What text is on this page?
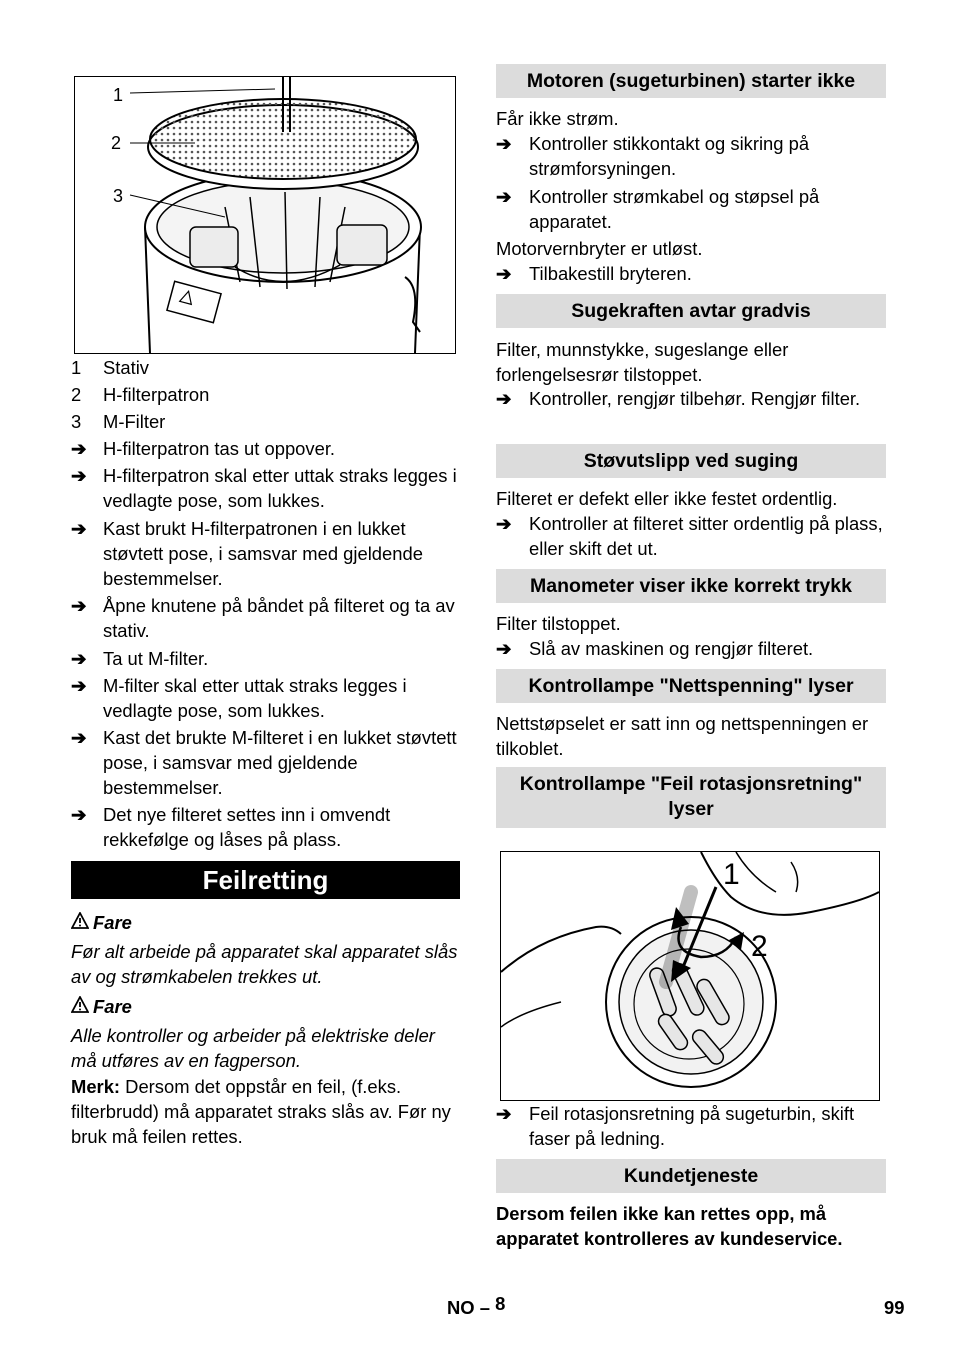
1
2
3
1 Stativ
2 H-filterpatron
3 M-Filter
➔ H-filterpatron tas ut oppover.
➔ H-filterpatron skal etter uttak straks legges i vedlagte pose, som lukkes.
➔ Kast brukt H-filterpatronen i en lukket støvtett pose, i samsvar med gjeldende bestemmelser.
➔ Åpne knutene på båndet på filteret og ta av stativ.
➔ Ta ut M-filter.
➔ M-filter skal etter uttak straks legges i vedlagte pose, som lukkes.
➔ Kast det brukte M-filteret i en lukket støvtett pose, i samsvar med gjeldende bestemmelser.
➔ Det nye filteret settes inn i omvendt rekkefølge og låses på plass.
Feilretting
Fare
Før alt arbeide på apparatet skal apparatet slås av og strømkabelen trekkes ut.
Fare
Alle kontroller og arbeider på elektriske deler må utføres av en fagperson.
Merk: Dersom det oppstår en feil, (f.eks. filterbrudd) må apparatet straks slås av. Før ny bruk må feilen rettes.
Motoren (sugeturbinen) starter ikke
Får ikke strøm.
➔ Kontroller stikkontakt og sikring på strømforsyningen.
➔ Kontroller strømkabel og støpsel på apparatet.
Motorvernbryter er utløst.
➔ Tilbakestill bryteren.
Sugekraften avtar gradvis
Filter, munnstykke, sugeslange eller forlengelsesrør tilstoppet.
➔ Kontroller, rengjør tilbehør. Rengjør filter.
Støvutslipp ved suging
Filteret er defekt eller ikke festet ordentlig.
➔ Kontroller at filteret sitter ordentlig på plass, eller skift det ut.
Manometer viser ikke korrekt trykk
Filter tilstoppet.
➔ Slå av maskinen og rengjør filteret.
Kontrollampe "Nettspenning" lyser
Nettstøpselet er satt inn og nettspenningen er tilkoblet.
Kontrollampe "Feil rotasjonsretning" lyser
1
2
➔ Feil rotasjonsretning på sugeturbin, skift faser på ledning.
Kundetjeneste
Dersom feilen ikke kan rettes opp, må apparatet kontrolleres av kundeservice.
NO – 8	99
